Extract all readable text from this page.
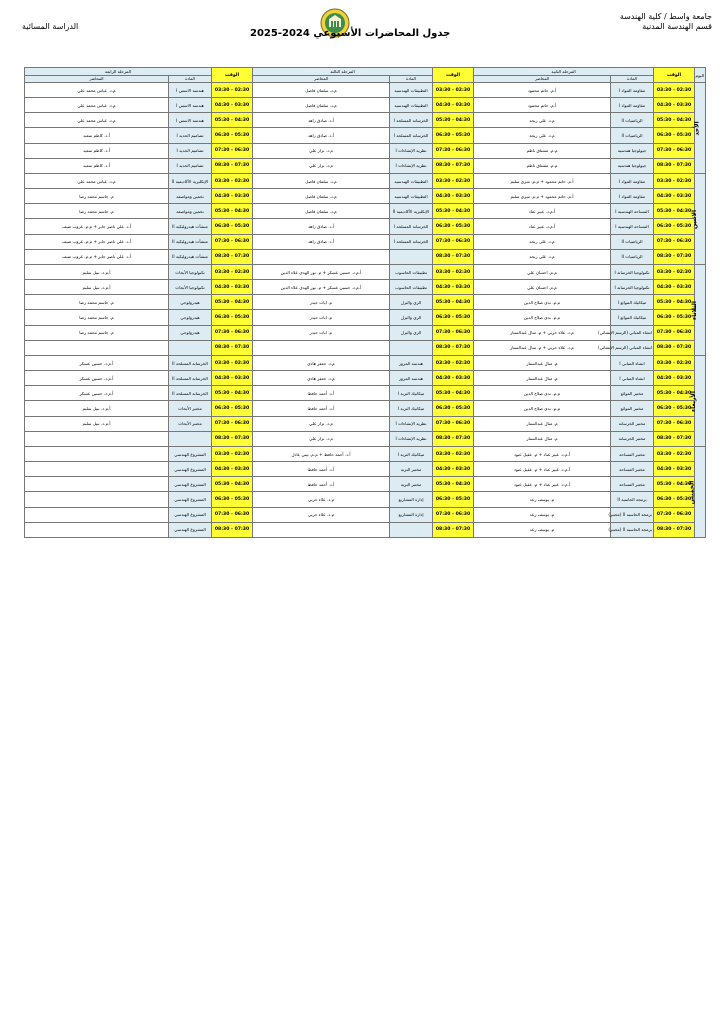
جامعة واسط / كلية الهندسة
قسم الهندسة المدنية
الدراسة المسائية
جدول المحاضرات الأسبوعي 2024-2025
اليوم	الوقت	المرحلة الثانية		الوقت	المرحلة الثالثة		الوقت	المرحلة الرابعة	
		المادة	المحاضر		المادة	المحاضر		المادة	المحاضر
الأحد	02:30 - 03:30	مقاومة المواد I	أ.م. حاتم محمود	02:30 - 03:30	التطبيقات الهندسية	م.د. سلمان فاضل	02:30 - 03:30	هندسة الاسس I	م.د. عباس محمد علي
	03:30 - 04:30	مقاومة المواد I	أ.م. حاتم محمود	03:30 - 04:30	التطبيقات الهندسية	م.د. سلمان فاضل	03:30 - 04:30	هندسة الاسس I	م.د. عباس محمد علي
	04:30 - 05:30	الرياضيات II	م.د. علي ريحة	04:30 - 05:30	الخرسانة المسلحة I	أ.د. صادق زاهد	04:30 - 05:30	هندسة الاسس I	م.د. عباس محمد علي
	05:30 - 06:30	الرياضيات II	م.د. علي ريحة	05:30 - 06:30	الخرسانة المسلحة I	أ.د. صادق زاهد	05:30 - 06:30	تصاميم الحديد I	أ.د. كاظم سعيد
	06:30 - 07:30	جيولوجيا هندسية	م.م. مشتاق ناظم	06:30 - 07:30	نظرية الإنشاءات I	م.د. نزار علي	06:30 - 07:30	تصاميم الحديد I	أ.د. كاظم سعيد
	07:30 - 08:30	جيولوجيا هندسية	م.م. مشتاق ناظم	07:30 - 08:30	نظرية الإنشاءات I	م.د. نزار علي	07:30 - 08:30	تصاميم الحديد I	أ.د. كاظم سعيد
الاثنين	02:30 - 03:30	مقاومة المواد I	أ.م. حاتم محمود + م.م. سري سليم	02:30 - 03:30	التطبيقات الهندسية	م.د. سلمان فاضل	02:30 - 03:30	الإنكليزية الأكاديمية II	م.د. عباس محمد علي
	03:30 - 04:30	مقاومة المواد I	أ.م. حاتم محمود + م.م. سري سليم	03:30 - 04:30	التطبيقات الهندسية	م.د. سلمان فاضل	03:30 - 04:30	تخمين ومواصفة	م. جاسم محمد رضا
	04:30 - 05:30	المساحة الهندسية I	أ.م.د. عبير عناد	04:30 - 05:30	الإنكليزية الأكاديمية II	م.د. سلمان فاضل	04:30 - 05:30	تخمين ومواصفة	م. جاسم محمد رضا
	05:30 - 06:30	المساحة الهندسية I	أ.م.د. عبير عناد	05:30 - 06:30	الخرسانة المسلحة I	أ.د. صادق زاهد	05:30 - 06:30	منشآت هيدروليكية II	أ.د. علي ناصر جابر + م.م. غروب ضيف
	06:30 - 07:30	الرياضيات II	م.د. علي ريحة	06:30 - 07:30	الخرسانة المسلحة I	أ.د. صادق زاهد	06:30 - 07:30	منشآت هيدروليكية II	أ.د. علي ناصر جابر + م.م. غروب ضيف
	07:30 - 08:30	الرياضيات II	م.د. علي ريحة	07:30 - 08:30			07:30 - 08:30	منشآت هيدروليكية II	أ.د. علي ناصر جابر + م.م. غروب ضيف
الثلاثاء	02:30 - 03:30	تكنولوجيا الخرسانة I	م.م. احسان علي	02:30 - 03:30	تطبيقات الحاسوب	أ.م.د. حسين عسكر + م. نور الهدى علاء الدين	02:30 - 03:30	تكنولوجيا الأبحاث	أ.م.د. نبيل سليم
	03:30 - 04:30	تكنولوجيا الخرسانة I	م.م. احسان علي	03:30 - 04:30	تطبيقات الحاسوب	أ.م.د. حسين عسكر + م. نور الهدى علاء الدين	03:30 - 04:30	تكنولوجيا الأبحاث	أ.م.د. نبيل سليم
	04:30 - 05:30	ميكانيك الموائع I	م.م. ندى صلاح الدين	04:30 - 05:30	الري والبزل	م. ايات حيدر	04:30 - 05:30	هيدرولوجي	م. جاسم محمد رضا
	05:30 - 06:30	ميكانيك الموائع I	م.م. ندى صلاح الدين	05:30 - 06:30	الري والبزل	م. ايات حيدر	05:30 - 06:30	هيدرولوجي	م. جاسم محمد رضا
	06:30 - 07:30	انشاء المباني (الرسم الإنشائي)	م.د. علاء حربي + م. منال عبدالستار	06:30 - 07:30	الري والبزل	م. ايات حيدر	06:30 - 07:30	هيدرولوجي	م. جاسم محمد رضا
	07:30 - 08:30	انشاء المباني (الرسم الإنشائي)	م.د. علاء حربي + م. منال عبدالستار	07:30 - 08:30			07:30 - 08:30		
الأربعاء	02:30 - 03:30	انشاء المباني I	م. منال عبدالستار	02:30 - 03:30	هندسة المرور	م.د. جعفر هادي	02:30 - 03:30	الخرسانة المسلحة II	أ.م.د. حسين عسكر
	03:30 - 04:30	انشاء المباني I	م. منال عبدالستار	03:30 - 04:30	هندسة المرور	م.د. جعفر هادي	03:30 - 04:30	الخرسانة المسلحة II	أ.م.د. حسين عسكر
	04:30 - 05:30	مختبر الموائع	م.م. ندى صلاح الدين	04:30 - 05:30	ميكانيك التربة I	أ.د. أحمد حافظ	04:30 - 05:30	الخرسانة المسلحة II	أ.م.د. حسين عسكر
	05:30 - 06:30	مختبر الموائع	م.م. ندى صلاح الدين	05:30 - 06:30	ميكانيك التربة I	أ.د. أحمد حافظ	05:30 - 06:30	مختبر الأبحاث	أ.م.د. نبيل سليم
	06:30 - 07:30	مختبر الخرسانة	م. منال عبدالستار	06:30 - 07:30	نظرية الإنشاءات I	م.د. نزار علي	06:30 - 07:30	مختبر الأبحاث	أ.م.د. نبيل سليم
	07:30 - 08:30	مختبر الخرسانة	م. منال عبدالستار	07:30 - 08:30	نظرية الإنشاءات I	م.د. نزار علي	07:30 - 08:30		
الخميس	02:30 - 03:30	مختبر المساحة	أ.م.د. عبير عناد + م. عقيل عبود	02:30 - 03:30	ميكانيك التربة I	أ.د. أحمد حافظ + م.م. بيتي عادل	02:30 - 03:30	المشروع الهندسي	
	03:30 - 04:30	مختبر المساحة	أ.م.د. عبير عناد + م. عقيل عبود	03:30 - 04:30	مختبر التربة	أ.د. أحمد حافظ	03:30 - 04:30	المشروع الهندسي	
	04:30 - 05:30	مختبر المساحة	أ.م.د. عبير عناد + م. عقيل عبود	04:30 - 05:30	مختبر التربة	أ.د. أحمد حافظ	04:30 - 05:30	المشروع الهندسي	
	05:30 - 06:30	برمجة الحاسبة II	م. يوسف رعد	05:30 - 06:30	إدارة المشاريع	م.د. علاء حربي	05:30 - 06:30	المشروع الهندسي	
	06:30 - 07:30	برمجة الحاسبة II (مختبر)	م. يوسف رعد	06:30 - 07:30	إدارة المشاريع	م.د. علاء حربي	06:30 - 07:30	المشروع الهندسي	
	07:30 - 08:30	برمجة الحاسبة II (مختبر)	م. يوسف رعد	07:30 - 08:30			07:30 - 08:30	المشروع الهندسي	
